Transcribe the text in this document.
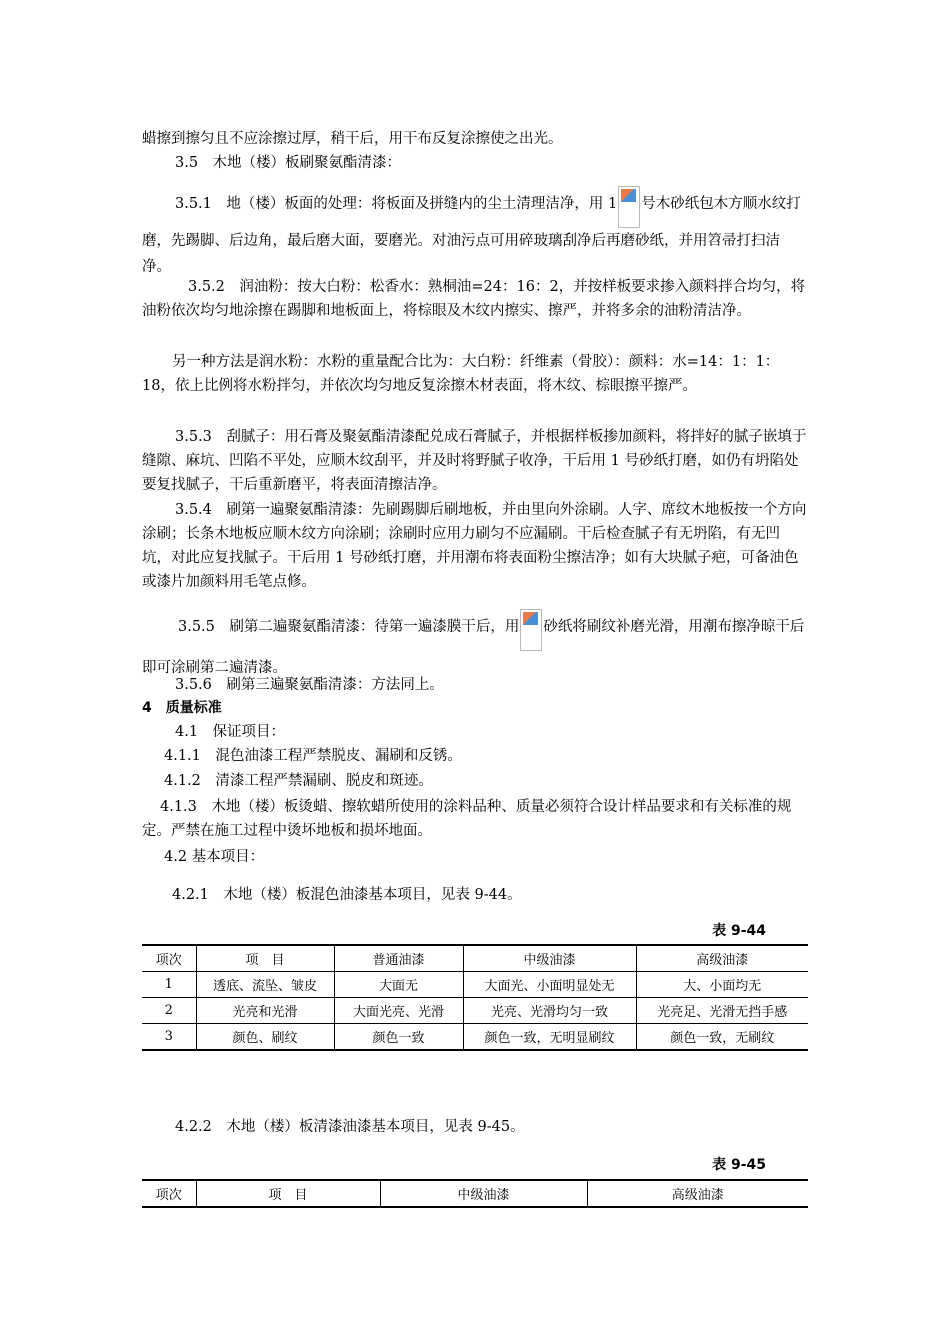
蜡擦到擦匀且不应涂擦过厚，稍干后，用干布反复涂擦使之出光。

3.5　木地（楼）板刷聚氨酯清漆：

3.5.1　地（楼）板面的处理：将板面及拼缝内的尘土清理洁净，用 1 号木砂纸包木方顺水纹打磨，先踢脚、后边角，最后磨大面，要磨光。对油污点可用碎玻璃刮净后再磨砂纸，并用笤帚打扫洁净。

3.5.2　润油粉：按大白粉：松香水：熟桐油=24：16：2，并按样板要求掺入颜料拌合均匀，将油粉依次均匀地涂擦在踢脚和地板面上，将棕眼及木纹内擦实、擦严，并将多余的油粉清洁净。

另一种方法是润水粉：水粉的重量配合比为：大白粉：纤维素（骨胶）：颜料：水=14：1：1：18，依上比例将水粉拌匀，并依次均匀地反复涂擦木材表面，将木纹、棕眼擦平擦严。

3.5.3　刮腻子：用石膏及聚氨酯清漆配兑成石膏腻子，并根据样板掺加颜料，将拌好的腻子嵌填于缝隙、麻坑、凹陷不平处，应顺木纹刮平，并及时将野腻子收净，干后用 1 号砂纸打磨，如仍有坍陷处要复找腻子，干后重新磨平，将表面清擦洁净。

3.5.4　刷第一遍聚氨酯清漆：先刷踢脚后刷地板，并由里向外涂刷。人字、席纹木地板按一个方向涂刷；长条木地板应顺木纹方向涂刷；涂刷时应用力刷匀不应漏刷。干后检查腻子有无坍陷，有无凹坑，对此应复找腻子。干后用 1 号砂纸打磨，并用潮布将表面粉尘擦洁净；如有大块腻子疤，可备油色或漆片加颜料用毛笔点修。

3.5.5　刷第二遍聚氨酯清漆：待第一遍漆膜干后，用 砂纸将刷纹补磨光滑，用潮布擦净晾干后即可涂刷第二遍清漆。

3.5.6　刷第三遍聚氨酯清漆：方法同上。

4　质量标准

4.1　保证项目：

4.1.1　混色油漆工程严禁脱皮、漏刷和反锈。

4.1.2　清漆工程严禁漏刷、脱皮和斑迹。

4.1.3　木地（楼）板烫蜡、擦软蜡所使用的涂料品种、质量必须符合设计样品要求和有关标准的规定。严禁在施工过程中烫坏地板和损坏地面。

4.2 基本项目：

4.2.1　木地（楼）板混色油漆基本项目，见表 9-44。

表 9-44
项次	项　目	普通油漆	中级油漆	高级油漆
1	透底、流坠、皱皮	大面无	大面光、小面明显处无	大、小面均无
2	光亮和光滑	大面光亮、光滑	光亮、光滑均匀一致	光亮足、光滑无挡手感
3	颜色、刷纹	颜色一致	颜色一致，无明显刷纹	颜色一致，无刷纹

4.2.2　木地（楼）板清漆油漆基本项目，见表 9-45。

表 9-45
项次	项　目	中级油漆	高级油漆
